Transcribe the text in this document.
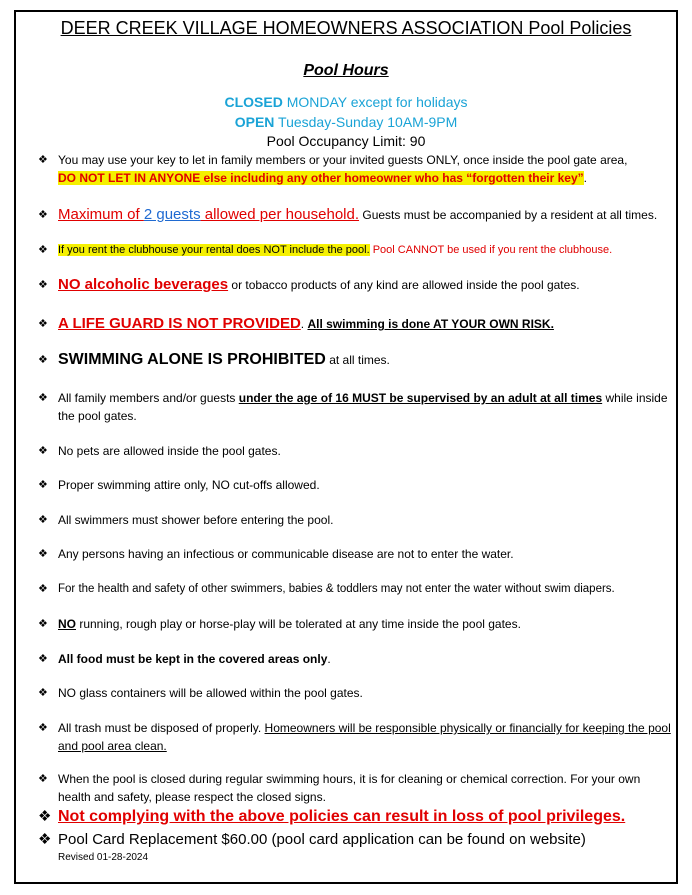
DEER CREEK VILLAGE HOMEOWNERS ASSOCIATION Pool Policies
Pool Hours
CLOSED MONDAY except for holidays
OPEN Tuesday-Sunday 10AM-9PM
Pool Occupancy Limit: 90
❖ You may use your key to let in family members or your invited guests ONLY, once inside the pool gate area,
DO NOT LET IN ANYONE else including any other homeowner who has “forgotten their key”.
❖ Maximum of 2 guests allowed per household. Guests must be accompanied by a resident at all times.
❖ If you rent the clubhouse your rental does NOT include the pool. Pool CANNOT be used if you rent the clubhouse.
❖ NO alcoholic beverages or tobacco products of any kind are allowed inside the pool gates.
❖ A LIFE GUARD IS NOT PROVIDED. All swimming is done AT YOUR OWN RISK.
❖ SWIMMING ALONE IS PROHIBITED at all times.
❖ All family members and/or guests under the age of 16 MUST be supervised by an adult at all times while inside the pool gates.
❖ No pets are allowed inside the pool gates.
❖ Proper swimming attire only, NO cut-offs allowed.
❖ All swimmers must shower before entering the pool.
❖ Any persons having an infectious or communicable disease are not to enter the water.
❖ For the health and safety of other swimmers, babies & toddlers may not enter the water without swim diapers.
❖ NO running, rough play or horse-play will be tolerated at any time inside the pool gates.
❖ All food must be kept in the covered areas only.
❖ NO glass containers will be allowed within the pool gates.
❖ All trash must be disposed of properly. Homeowners will be responsible physically or financially for keeping the pool and pool area clean.
❖ When the pool is closed during regular swimming hours, it is for cleaning or chemical correction. For your own health and safety, please respect the closed signs.
❖ Not complying with the above policies can result in loss of pool privileges.
❖ Pool Card Replacement $60.00 (pool card application can be found on website)
Revised 01-28-2024
